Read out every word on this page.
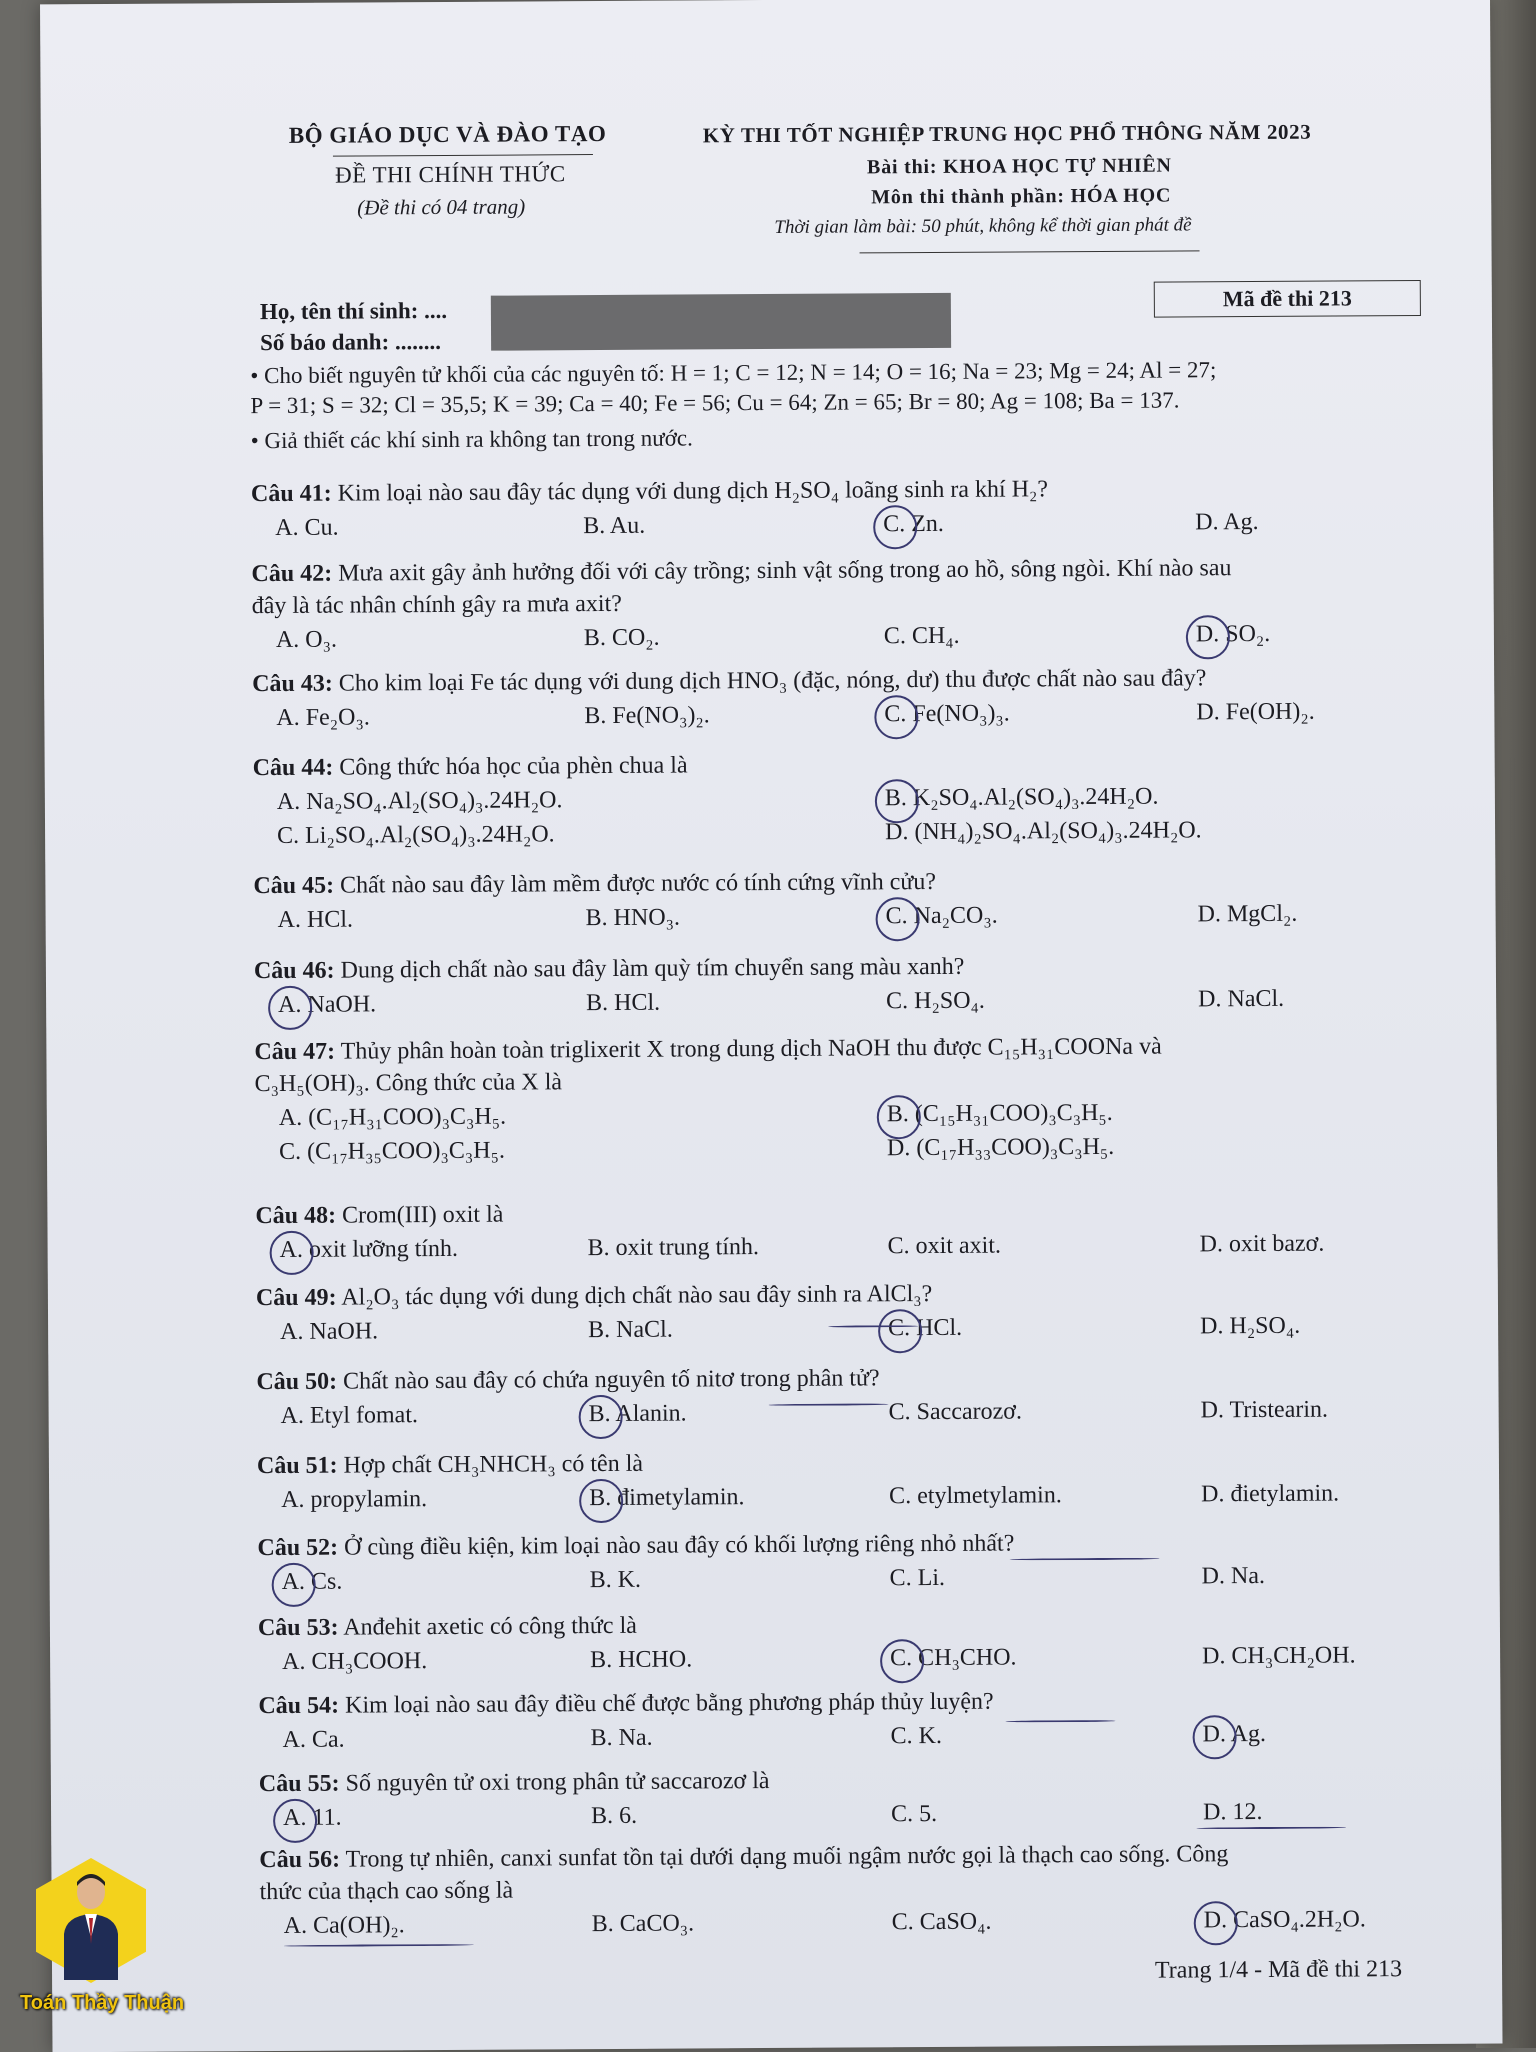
BỘ GIÁO DỤC VÀ ĐÀO TẠO
ĐỀ THI CHÍNH THỨC
(Đề thi có 04 trang)
KỲ THI TỐT NGHIỆP TRUNG HỌC PHỔ THÔNG NĂM 2023
Bài thi: KHOA HỌC TỰ NHIÊN
Môn thi thành phần: HÓA HỌC
Thời gian làm bài: 50 phút, không kể thời gian phát đề
Họ, tên thí sinh: ....
Số báo danh: ........
Mã đề thi 213
• Cho biết nguyên tử khối của các nguyên tố: H = 1; C = 12; N = 14; O = 16; Na = 23; Mg = 24; Al = 27;
P = 31; S = 32; Cl = 35,5; K = 39; Ca = 40; Fe = 56; Cu = 64; Zn = 65; Br = 80; Ag = 108; Ba = 137.
• Giả thiết các khí sinh ra không tan trong nước.
Câu 41: Kim loại nào sau đây tác dụng với dung dịch H₂SO₄ loãng sinh ra khí H₂?
A. Cu.	B. Au.	C. Zn.	D. Ag.
Câu 42: Mưa axit gây ảnh hưởng đối với cây trồng; sinh vật sống trong ao hồ, sông ngòi. Khí nào sau
đây là tác nhân chính gây ra mưa axit?
A. O₃.	B. CO₂.	C. CH₄.	D. SO₂.
Câu 43: Cho kim loại Fe tác dụng với dung dịch HNO₃ (đặc, nóng, dư) thu được chất nào sau đây?
A. Fe₂O₃.	B. Fe(NO₃)₂.	C. Fe(NO₃)₃.	D. Fe(OH)₂.
Câu 44: Công thức hóa học của phèn chua là
A. Na₂SO₄.Al₂(SO₄)₃.24H₂O.	B. K₂SO₄.Al₂(SO₄)₃.24H₂O.
C. Li₂SO₄.Al₂(SO₄)₃.24H₂O.	D. (NH₄)₂SO₄.Al₂(SO₄)₃.24H₂O.
Câu 45: Chất nào sau đây làm mềm được nước có tính cứng vĩnh cửu?
A. HCl.	B. HNO₃.	C. Na₂CO₃.	D. MgCl₂.
Câu 46: Dung dịch chất nào sau đây làm quỳ tím chuyển sang màu xanh?
A. NaOH.	B. HCl.	C. H₂SO₄.	D. NaCl.
Câu 47: Thủy phân hoàn toàn triglixerit X trong dung dịch NaOH thu được C₁₅H₃₁COONa và
C₃H₅(OH)₃. Công thức của X là
A. (C₁₇H₃₁COO)₃C₃H₅.	B. (C₁₅H₃₁COO)₃C₃H₅.
C. (C₁₇H₃₅COO)₃C₃H₅.	D. (C₁₇H₃₃COO)₃C₃H₅.
Câu 48: Crom(III) oxit là
A. oxit lưỡng tính.	B. oxit trung tính.	C. oxit axit.	D. oxit bazơ.
Câu 49: Al₂O₃ tác dụng với dung dịch chất nào sau đây sinh ra AlCl₃?
A. NaOH.	B. NaCl.	C. HCl.	D. H₂SO₄.
Câu 50: Chất nào sau đây có chứa nguyên tố nitơ trong phân tử?
A. Etyl fomat.	B. Alanin.	C. Saccarozơ.	D. Tristearin.
Câu 51: Hợp chất CH₃NHCH₃ có tên là
A. propylamin.	B. đimetylamin.	C. etylmetylamin.	D. đietylamin.
Câu 52: Ở cùng điều kiện, kim loại nào sau đây có khối lượng riêng nhỏ nhất?
A. Cs.	B. K.	C. Li.	D. Na.
Câu 53: Anđehit axetic có công thức là
A. CH₃COOH.	B. HCHO.	C. CH₃CHO.	D. CH₃CH₂OH.
Câu 54: Kim loại nào sau đây điều chế được bằng phương pháp thủy luyện?
A. Ca.	B. Na.	C. K.	D. Ag.
Câu 55: Số nguyên tử oxi trong phân tử saccarozơ là
A. 11.	B. 6.	C. 5.	D. 12.
Câu 56: Trong tự nhiên, canxi sunfat tồn tại dưới dạng muối ngậm nước gọi là thạch cao sống. Công
thức của thạch cao sống là
A. Ca(OH)₂.	B. CaCO₃.	C. CaSO₄.	D. CaSO₄.2H₂O.
Trang 1/4 - Mã đề thi 213
Toán Thầy Thuận
